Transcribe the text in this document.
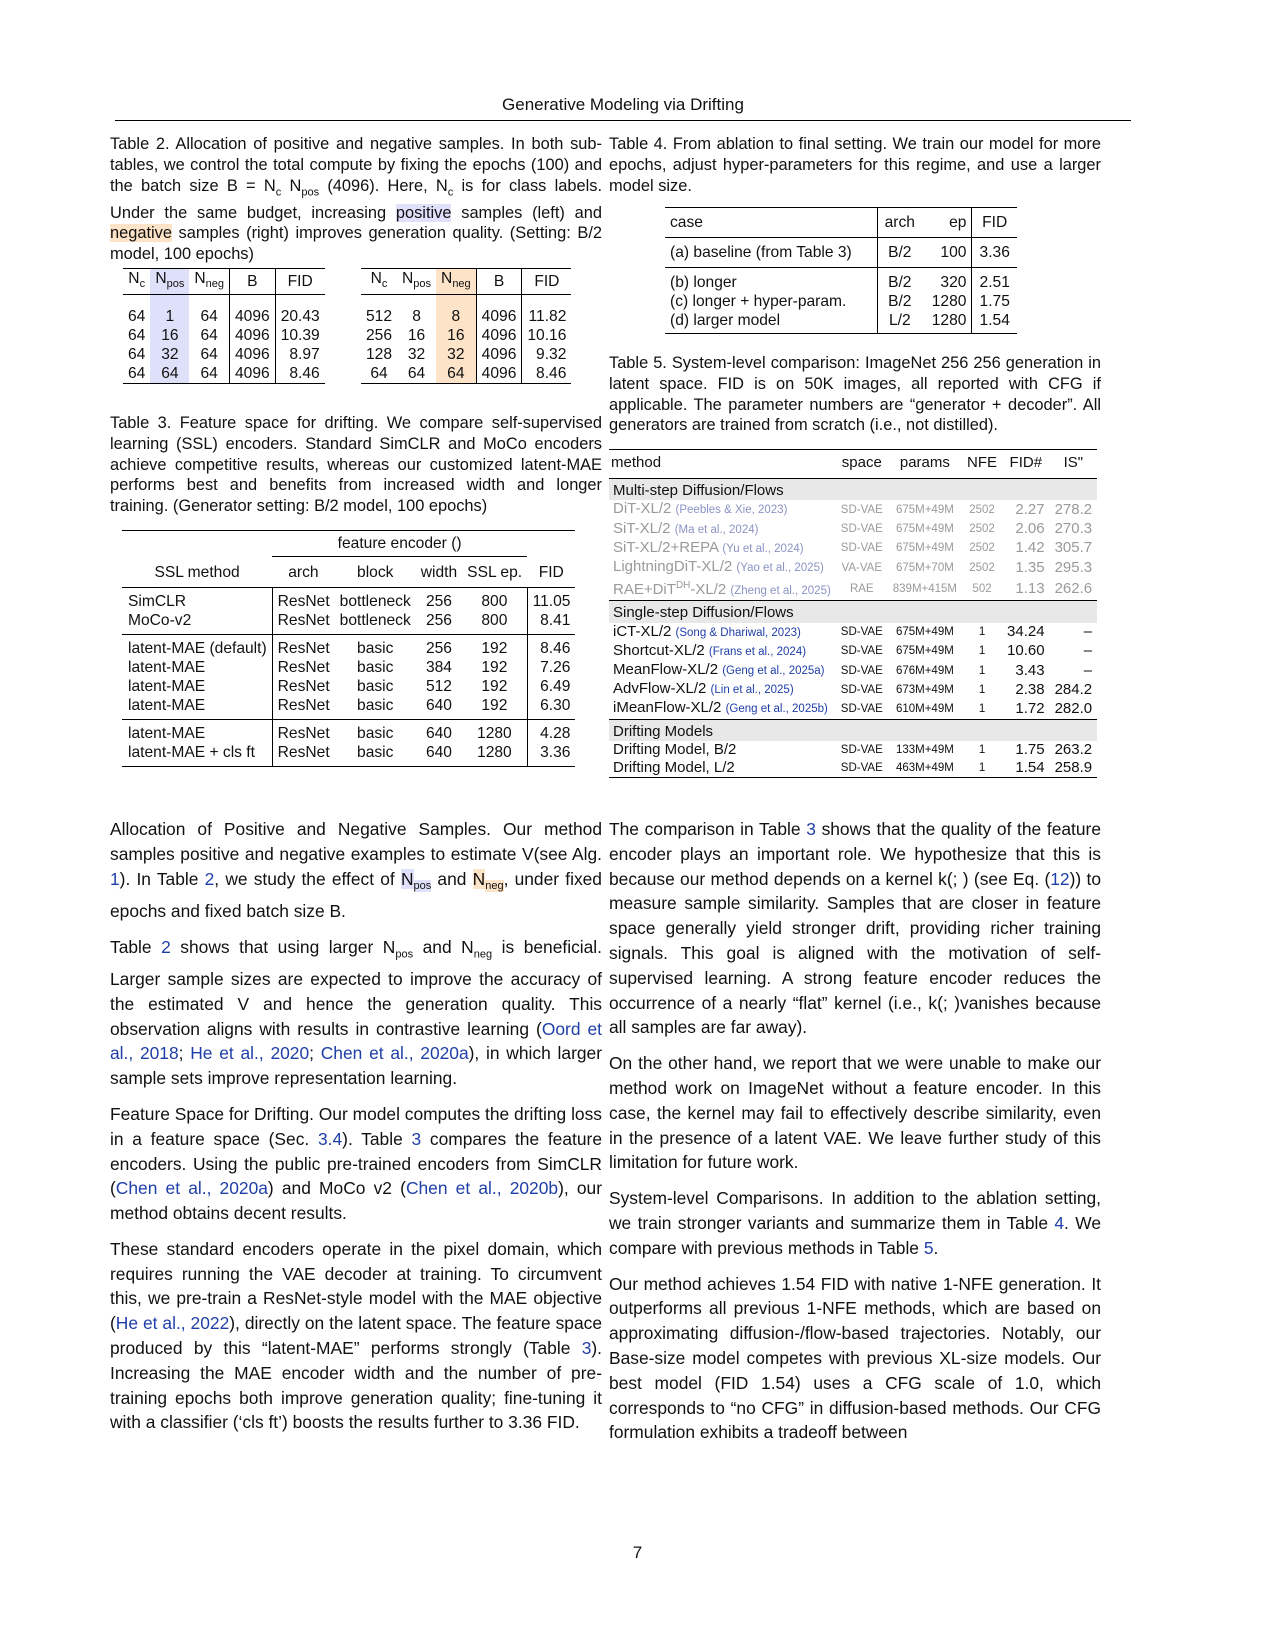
Generative Modeling via Drifting
Table 2. Allocation of positive and negative samples. In both sub-tables, we control the total compute by fixing the epochs (100) and the batch size $B = N_c$ $N_{pos}$ (4096). Here, $N_c$ is for class labels. Under the same budget, increasing positive samples (left) and negative samples (right) improves generation quality. (Setting: B/2 model, 100 epochs)
$N_c$	$N_{pos}$	$N_{neg}$	B	FID
64	1	64	4096	20.43
64	16	64	4096	10.39
64	32	64	4096	8.97
64	64	64	4096	8.46
$N_c$	$N_{pos}$	$N_{neg}$	B	FID
512	8	8	4096	11.82
256	16	16	4096	10.16
128	32	32	4096	9.32
64	64	64	4096	8.46
Table 3. Feature space for drifting. We compare self-supervised learning (SSL) encoders. Standard SimCLR and MoCo encoders achieve competitive results, whereas our customized latent-MAE performs best and benefits from increased width and longer training. (Generator setting: B/2 model, 100 epochs)
	feature encoder ()				
SSL method	arch	block	width	SSL ep.	FID
SimCLR	ResNet	bottleneck	256	800	11.05
MoCo-v2	ResNet	bottleneck	256	800	8.41
latent-MAE (default)	ResNet	basic	256	192	8.46
latent-MAE	ResNet	basic	384	192	7.26
latent-MAE	ResNet	basic	512	192	6.49
latent-MAE	ResNet	basic	640	192	6.30
latent-MAE	ResNet	basic	640	1280	4.28
latent-MAE + cls ft	ResNet	basic	640	1280	3.36
Table 4. From ablation to final setting. We train our model for more epochs, adjust hyper-parameters for this regime, and use a larger model size.
case	arch	ep	FID
(a) baseline (from Table 3)	B/2	100	3.36
(b) longer	B/2	320	2.51
(c) longer + hyper-param.	B/2	1280	1.75
(d) larger model	L/2	1280	1.54
Table 5. System-level comparison: ImageNet 256 256 generation in latent space. FID is on 50K images, all reported with CFG if applicable. The parameter numbers are “generator + decoder”. All generators are trained from scratch (i.e., not distilled).
method	space	params	NFE	FID#	IS"
Multi-step Diffusion/Flows					
DiT-XL/2 (Peebles & Xie, 2023)	SD-VAE	675M+49M	2502	2.27	278.2
SiT-XL/2 (Ma et al., 2024)	SD-VAE	675M+49M	2502	2.06	270.3
SiT-XL/2+REPA (Yu et al., 2024)	SD-VAE	675M+49M	2502	1.42	305.7
LightningDiT-XL/2 (Yao et al., 2025)	VA-VAE	675M+70M	2502	1.35	295.3
RAE+DiT$^{DH}$-XL/2 (Zheng et al., 2025)	RAE	839M+415M	502	1.13	262.6
Single-step Diffusion/Flows					
iCT-XL/2 (Song & Dhariwal, 2023)	SD-VAE	675M+49M	1	34.24	–
Shortcut-XL/2 (Frans et al., 2024)	SD-VAE	675M+49M	1	10.60	–
MeanFlow-XL/2 (Geng et al., 2025a)	SD-VAE	676M+49M	1	3.43	–
AdvFlow-XL/2 (Lin et al., 2025)	SD-VAE	673M+49M	1	2.38	284.2
iMeanFlow-XL/2 (Geng et al., 2025b)	SD-VAE	610M+49M	1	1.72	282.0
Drifting Models					
Drifting Model, B/2	SD-VAE	133M+49M	1	1.75	263.2
Drifting Model, L/2	SD-VAE	463M+49M	1	1.54	258.9

Allocation of Positive and Negative Samples. Our method samples positive and negative examples to estimate V(see Alg. 1). In Table 2, we study the effect of $N_{pos}$ and $N_{neg}$, under fixed epochs and fixed batch size B.

Table 2 shows that using larger $N_{pos}$ and $N_{neg}$ is beneficial. Larger sample sizes are expected to improve the accuracy of the estimated V and hence the generation quality. This observation aligns with results in contrastive learning (Oord et al., 2018; He et al., 2020; Chen et al., 2020a), in which larger sample sets improve representation learning.

Feature Space for Drifting. Our model computes the drifting loss in a feature space (Sec. 3.4). Table 3 compares the feature encoders. Using the public pre-trained encoders from SimCLR (Chen et al., 2020a) and MoCo v2 (Chen et al., 2020b), our method obtains decent results.

These standard encoders operate in the pixel domain, which requires running the VAE decoder at training. To circumvent this, we pre-train a ResNet-style model with the MAE objective (He et al., 2022), directly on the latent space. The feature space produced by this “latent-MAE” performs strongly (Table 3). Increasing the MAE encoder width and the number of pre-training epochs both improve generation quality; fine-tuning it with a classifier (‘cls ft’) boosts the results further to 3.36 FID.

The comparison in Table 3 shows that the quality of the feature encoder plays an important role. We hypothesize that this is because our method depends on a kernel k(; ) (see Eq. (12)) to measure sample similarity. Samples that are closer in feature space generally yield stronger drift, providing richer training signals. This goal is aligned with the motivation of self-supervised learning. A strong feature encoder reduces the occurrence of a nearly “flat” kernel (i.e., k(; )vanishes because all samples are far away).

On the other hand, we report that we were unable to make our method work on ImageNet without a feature encoder. In this case, the kernel may fail to effectively describe similarity, even in the presence of a latent VAE. We leave further study of this limitation for future work.

System-level Comparisons. In addition to the ablation setting, we train stronger variants and summarize them in Table 4. We compare with previous methods in Table 5.

Our method achieves 1.54 FID with native 1-NFE generation. It outperforms all previous 1-NFE methods, which are based on approximating diffusion-/flow-based trajectories. Notably, our Base-size model competes with previous XL-size models. Our best model (FID 1.54) uses a CFG scale of 1.0, which corresponds to “no CFG” in diffusion-based methods. Our CFG formulation exhibits a tradeoff between

7
